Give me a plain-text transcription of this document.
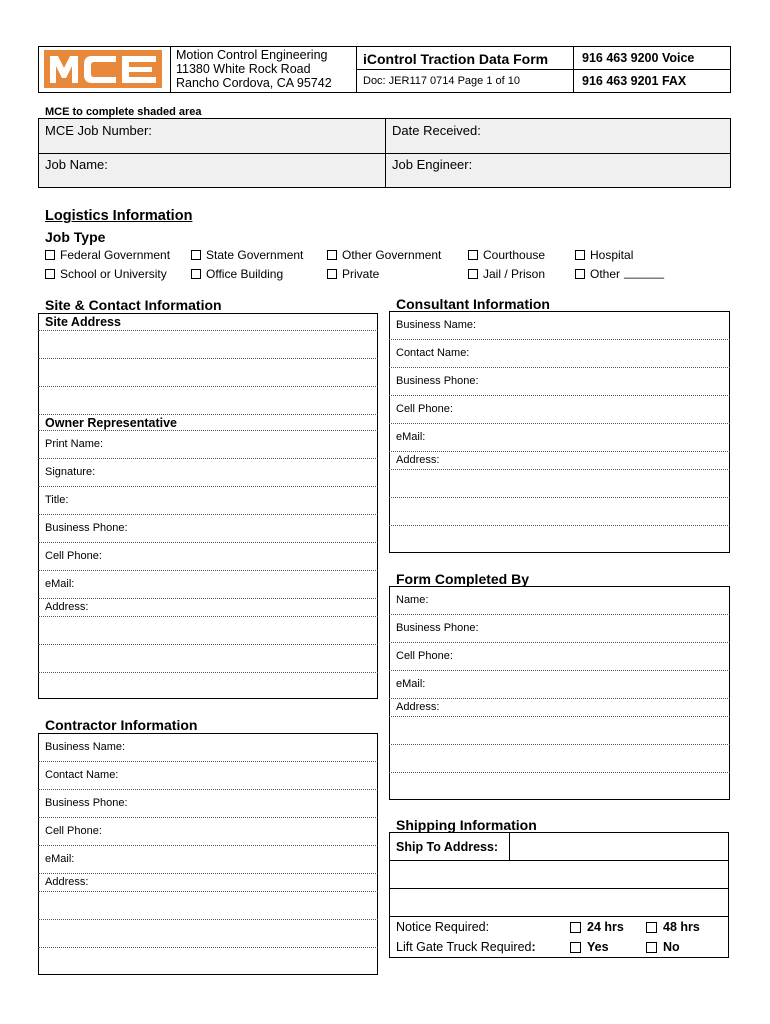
Motion Control Engineering
11380 White Rock Road
Rancho Cordova, CA 95742
iControl Traction Data Form
Doc: JER117 0714 Page 1 of 10
916 463 9200 Voice
916 463 9201 FAX
MCE to complete shaded area
MCE Job Number:	Date Received:
Job Name:	Job Engineer:
Logistics Information
Job Type
Federal Government	State Government	Other Government	Courthouse	Hospital
School or University	Office Building	Private	Jail / Prison	Other ______
Site & Contact Information
Site Address
Owner Representative
Print Name:
Signature:
Title:
Business Phone:
Cell Phone:
eMail:
Address:
Consultant Information
Business Name:
Contact Name:
Business Phone:
Cell Phone:
eMail:
Address:
Form Completed By
Name:
Business Phone:
Cell Phone:
eMail:
Address:
Contractor Information
Business Name:
Contact Name:
Business Phone:
Cell Phone:
eMail:
Address:
Shipping Information
Ship To Address:
Notice Required:	24 hrs	48 hrs
Lift Gate Truck Required:	Yes	No
